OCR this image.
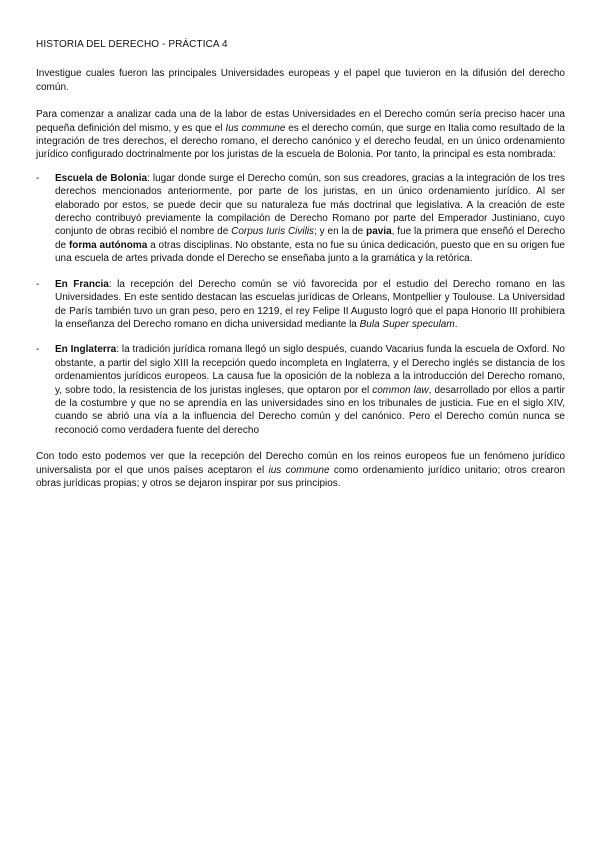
HISTORIA DEL DERECHO - PRÁCTICA 4

Investigue cuales fueron las principales Universidades europeas y el papel que tuvieron en la difusión del derecho común.

Para comenzar a analizar cada una de la labor de estas Universidades en el Derecho común sería preciso hacer una pequeña definición del mismo, y es que el Ius commune es el derecho común, que surge en Italia como resultado de la integración de tres derechos, el derecho romano, el derecho canónico y el derecho feudal, en un único ordenamiento jurídico configurado doctrinalmente por los juristas de la escuela de Bolonia. Por tanto, la principal es esta nombrada:

- Escuela de Bolonia: lugar donde surge el Derecho común, son sus creadores, gracias a la integración de los tres derechos mencionados anteriormente, por parte de los juristas, en un único ordenamiento jurídico. Al ser elaborado por estos, se puede decir que su naturaleza fue más doctrinal que legislativa. A la creación de este derecho contribuyó previamente la compilación de Derecho Romano por parte del Emperador Justiniano, cuyo conjunto de obras recibió el nombre de Corpus Iuris Civilis; y en la de pavia, fue la primera que enseñó el Derecho de forma autónoma a otras disciplinas. No obstante, esta no fue su única dedicación, puesto que en su origen fue una escuela de artes privada donde el Derecho se enseñaba junto a la gramática y la retórica.
- En Francia: la recepción del Derecho común se vió favorecida por el estudio del Derecho romano en las Universidades. En este sentido destacan las escuelas jurídicas de Orleans, Montpellier y Toulouse. La Universidad de París también tuvo un gran peso, pero en 1219, el rey Felipe II Augusto logró que el papa Honorio III prohibiera la enseñanza del Derecho romano en dicha universidad mediante la Bula Super speculam.
- En Inglaterra: la tradición jurídica romana llegó un siglo después, cuando Vacarius funda la escuela de Oxford. No obstante, a partir del siglo XIII la recepción quedo incompleta en Inglaterra, y el Derecho inglés se distancia de los ordenamientos jurídicos europeos. La causa fue la oposición de la nobleza a la introducción del Derecho romano, y, sobre todo, la resistencia de los juristas ingleses, que optaron por el common law, desarrollado por ellos a partir de la costumbre y que no se aprendía en las universidades sino en los tribunales de justicia. Fue en el siglo XIV, cuando se abrió una vía a la influencia del Derecho común y del canónico. Pero el Derecho común nunca se reconoció como verdadera fuente del derecho

Con todo esto podemos ver que la recepción del Derecho común en los reinos europeos fue un fenómeno jurídico universalista por el que unos países aceptaron el ius commune como ordenamiento jurídico unitario; otros crearon obras jurídicas propias; y otros se dejaron inspirar por sus principios.
